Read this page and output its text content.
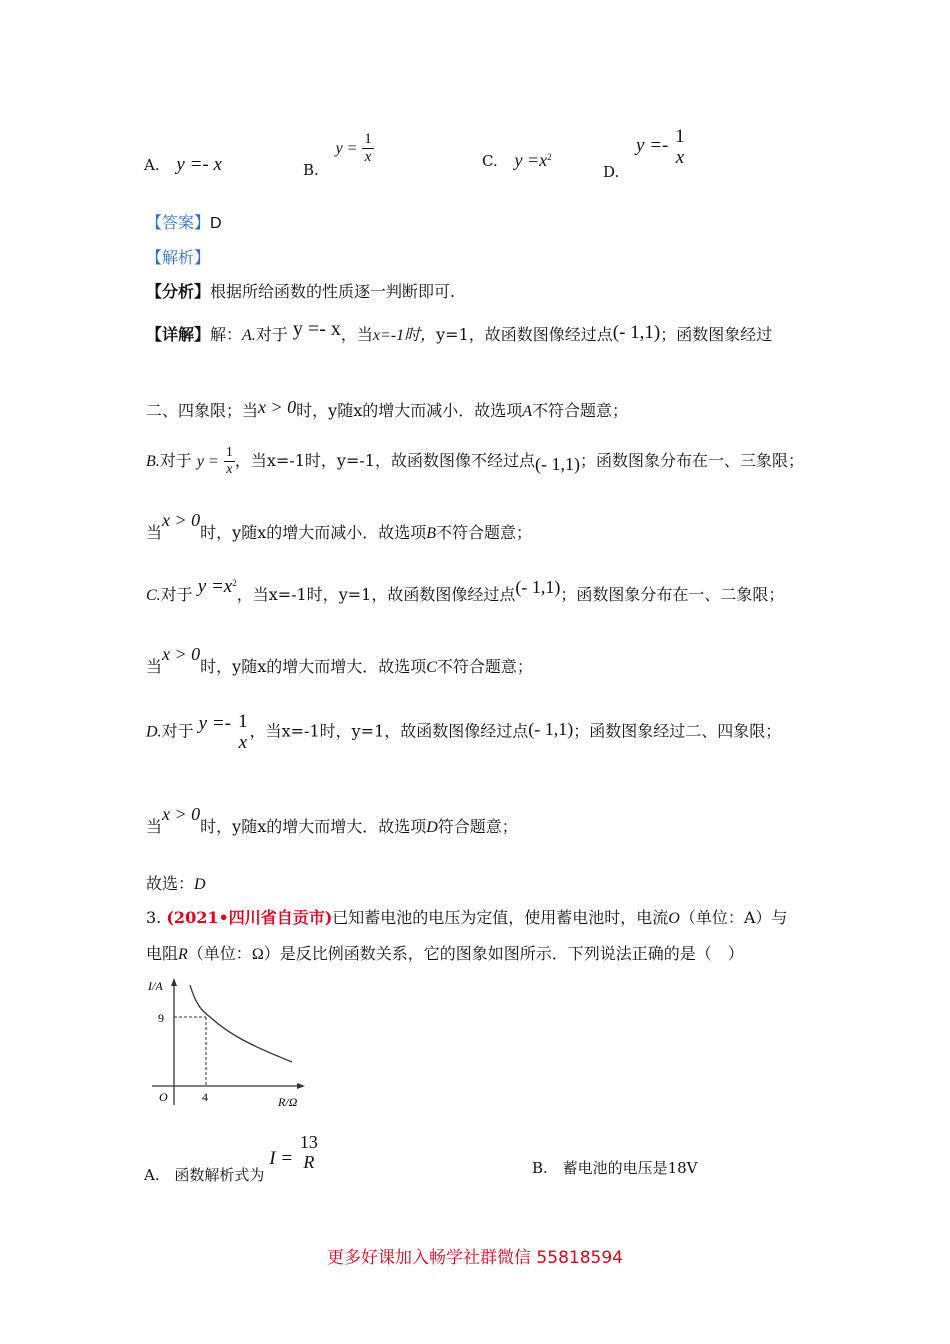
A. y =- x	B. $y = \frac{1}{x}$	C. $y =x^2$
D. y =- 1
x
【答案】D
【解析】
【分析】根据所给函数的性质逐一判断即可.
【详解】解：A.对于 y =- x，当x=-1时，y=1，故函数图像经过点(- 1,1)；函数图象经过
二、四象限；当x > 0时，y随x的增大而减小．故选项A不符合题意；
B.对于 $y = \frac{1}{x}$ ，当x=-1时，y=-1，故函数图像不经过点(- 1,1)；函数图象分布在一、三象限；
当x > 0时，y随x的增大而减小．故选项B不符合题意；
C.对于 $y =x^2$，当x=-1时，y=1，故函数图像经过点(- 1,1)；函数图象分布在一、二象限；
当x > 0时，y随x的增大而增大．故选项C不符合题意；
D.对于 y =- 1
x
，当x=-1时，y=1，故函数图像经过点(- 1,1)；函数图象经过二、四象限；
当x > 0时，y随x的增大而增大．故选项D符合题意；
故选：D
3. (2021•四川省自贡市)已知蓄电池的电压为定值，使用蓄电池时，电流O（单位：A）与
电阻R（单位：Ω）是反比例函数关系，它的图象如图所示．下列说法正确的是（　）
I/A
9
O	4	R/Ω
A. 函数解析式为 I =
13
R	B. 蓄电池的电压是18V
更多好课加入畅学社群微信 55818594
